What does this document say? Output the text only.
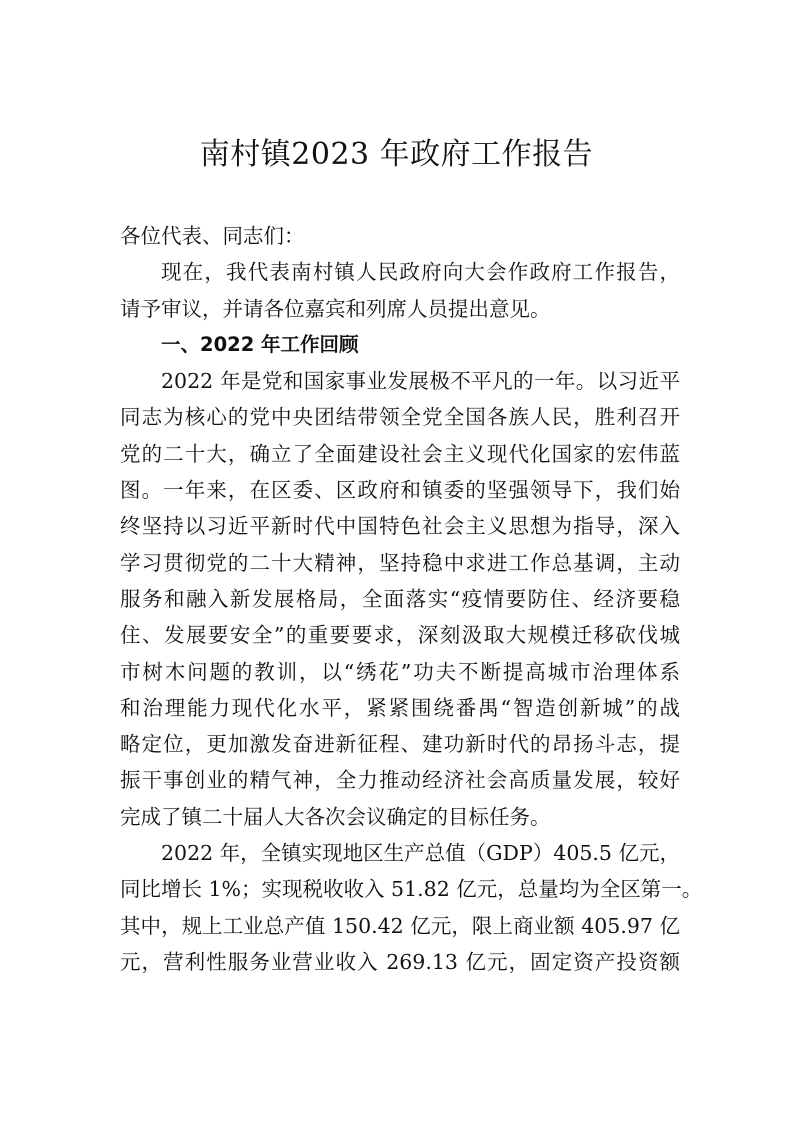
南村镇2023 年政府工作报告
各位代表、同志们：
现在，我代表南村镇人民政府向大会作政府工作报告，
请予审议，并请各位嘉宾和列席人员提出意见。
一、2022 年工作回顾
2022 年是党和国家事业发展极不平凡的一年。以习近平
同志为核心的党中央团结带领全党全国各族人民，胜利召开
党的二十大，确立了全面建设社会主义现代化国家的宏伟蓝
图。一年来，在区委、区政府和镇委的坚强领导下，我们始
终坚持以习近平新时代中国特色社会主义思想为指导，深入
学习贯彻党的二十大精神，坚持稳中求进工作总基调，主动
服务和融入新发展格局，全面落实“疫情要防住、经济要稳
住、发展要安全”的重要要求，深刻汲取大规模迁移砍伐城
市树木问题的教训，以“绣花”功夫不断提高城市治理体系
和治理能力现代化水平，紧紧围绕番禺“智造创新城”的战
略定位，更加激发奋进新征程、建功新时代的昂扬斗志，提
振干事创业的精气神，全力推动经济社会高质量发展，较好
完成了镇二十届人大各次会议确定的目标任务。
2022 年，全镇实现地区生产总值（GDP）405.5 亿元，
同比增长 1%；实现税收收入 51.82 亿元，总量均为全区第一。
其中，规上工业总产值 150.42 亿元，限上商业额 405.97 亿
元，营利性服务业营业收入 269.13 亿元，固定资产投资额
